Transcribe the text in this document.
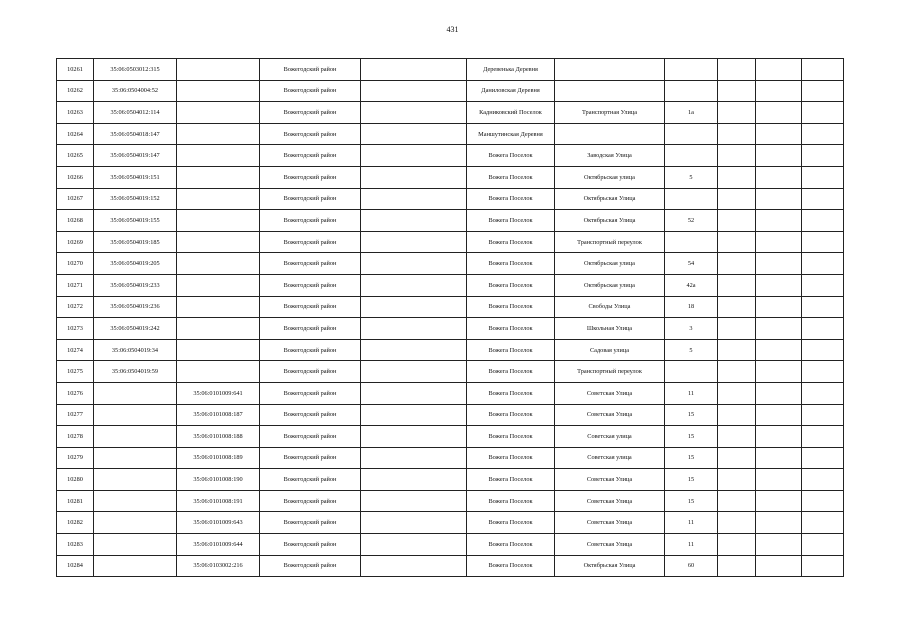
431
10261	35:06:0503012:315		Вожегодский район		Деревенька Деревня					
10262	35:06:0504004:52		Вожегодский район		Даниловская Деревня					
10263	35:06:0504012:114		Вожегодский район		Кадниковский Поселок	Транспортная Улица	1а			
10264	35:06:0504018:147		Вожегодский район		Маншутинская Деревня					
10265	35:06:0504019:147		Вожегодский район		Вожега Поселок	Заводская Улица				
10266	35:06:0504019:151		Вожегодский район		Вожега Поселок	Октябрьская улица	5			
10267	35:06:0504019:152		Вожегодский район		Вожега Поселок	Октябрьская Улица				
10268	35:06:0504019:155		Вожегодский район		Вожега Поселок	Октябрьская Улица	52			
10269	35:06:0504019:185		Вожегодский район		Вожега Поселок	Транспортный переулок				
10270	35:06:0504019:205		Вожегодский район		Вожега Поселок	Октябрьская улица	54			
10271	35:06:0504019:233		Вожегодский район		Вожега Поселок	Октябрьская улица	42а			
10272	35:06:0504019:236		Вожегодский район		Вожега Поселок	Свободы Улица	18			
10273	35:06:0504019:242		Вожегодский район		Вожега Поселок	Школьная Улица	3			
10274	35:06:0504019:34		Вожегодский район		Вожега Поселок	Садовая улица	5			
10275	35:06:0504019:59		Вожегодский район		Вожега Поселок	Транспортный переулок				
10276		35:06:0101009:641	Вожегодский район		Вожега Поселок	Советская Улица	11			
10277		35:06:0101008:187	Вожегодский район		Вожега Поселок	Советская Улица	15			
10278		35:06:0101008:188	Вожегодский район		Вожега Поселок	Советская улица	15			
10279		35:06:0101008:189	Вожегодский район		Вожега Поселок	Советская улица	15			
10280		35:06:0101008:190	Вожегодский район		Вожега Поселок	Советская Улица	15			
10281		35:06:0101008:191	Вожегодский район		Вожега Поселок	Советская Улица	15			
10282		35:06:0101009:643	Вожегодский район		Вожега Поселок	Советская Улица	11			
10283		35:06:0101009:644	Вожегодский район		Вожега Поселок	Советская Улица	11			
10284		35:06:0103002:216	Вожегодский район		Вожега Поселок	Октябрьская Улица	60			
